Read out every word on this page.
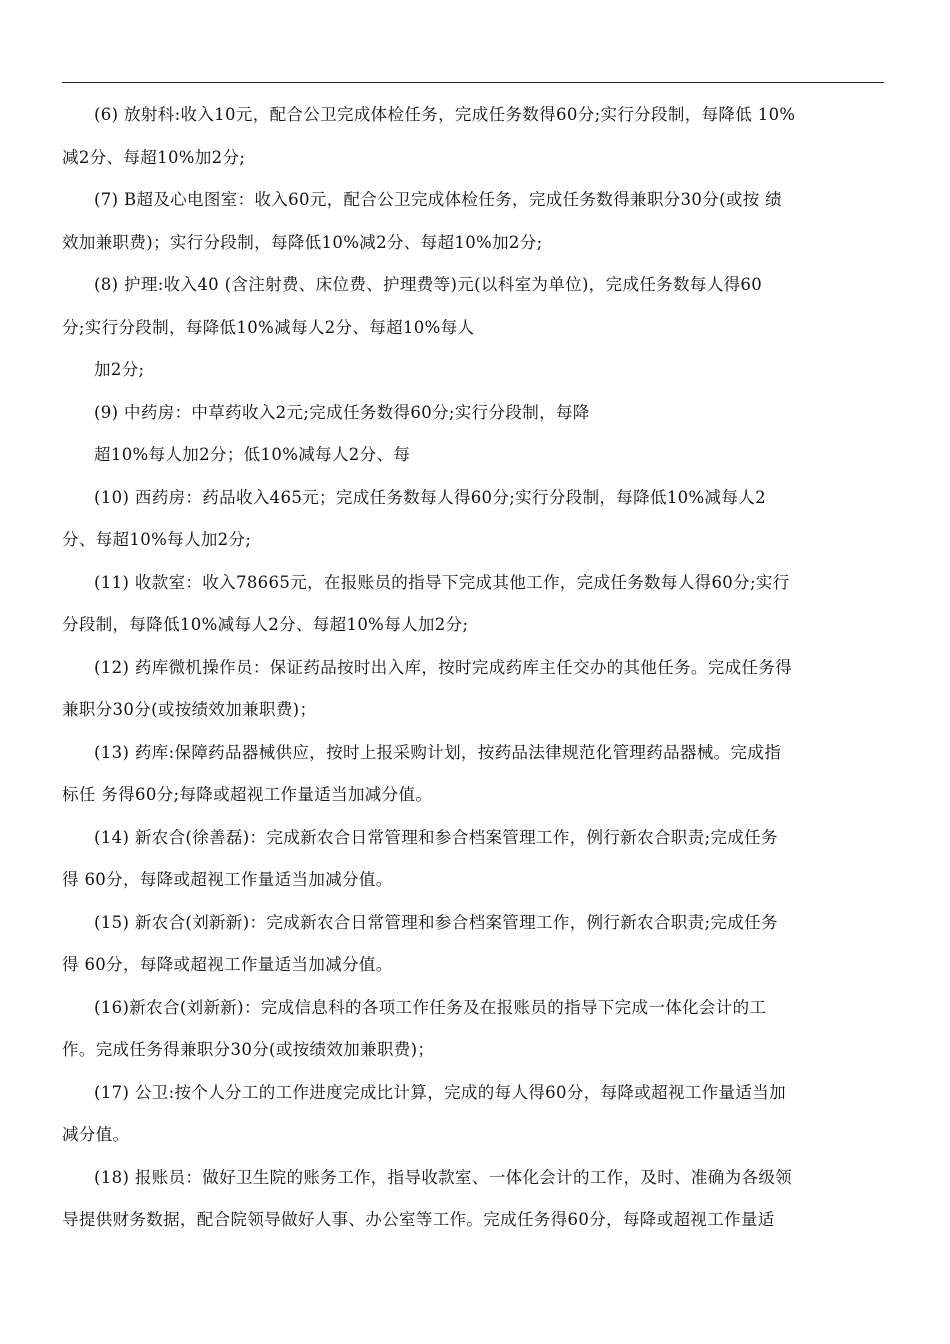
(6) 放射科:收入10元，配合公卫完成体检任务，完成任务数得60分;实行分段制，每降低 10%
减2分、每超10%加2分;
(7) B超及心电图室：收入60元，配合公卫完成体检任务，完成任务数得兼职分30分(或按 绩
效加兼职费)；实行分段制，每降低10%减2分、每超10%加2分;
(8) 护理:收入40 (含注射费、床位费、护理费等)元(以科室为单位)，完成任务数每人得60
分;实行分段制，每降低10%减每人2分、每超10%每人
加2分;
(9) 中药房：中草药收入2元;完成任务数得60分;实行分段制，每降
超10%每人加2分；低10%减每人2分、每
(10) 西药房：药品收入465元；完成任务数每人得60分;实行分段制，每降低10%减每人2
分、每超10%每人加2分;
(11) 收款室：收入78665元，在报账员的指导下完成其他工作，完成任务数每人得60分;实行
分段制，每降低10%减每人2分、每超10%每人加2分;
(12) 药库微机操作员：保证药品按时出入库，按时完成药库主任交办的其他任务。完成任务得
兼职分30分(或按绩效加兼职费)；
(13) 药库:保障药品器械供应，按时上报采购计划，按药品法律规范化管理药品器械。完成指
标任 务得60分;每降或超视工作量适当加减分值。
(14) 新农合(徐善磊)：完成新农合日常管理和参合档案管理工作，例行新农合职责;完成任务
得 60分，每降或超视工作量适当加减分值。
(15) 新农合(刘新新)：完成新农合日常管理和参合档案管理工作，例行新农合职责;完成任务
得 60分，每降或超视工作量适当加减分值。
(16)新农合(刘新新)：完成信息科的各项工作任务及在报账员的指导下完成一体化会计的工
作。完成任务得兼职分30分(或按绩效加兼职费)；
(17) 公卫:按个人分工的工作进度完成比计算，完成的每人得60分，每降或超视工作量适当加
减分值。
(18) 报账员：做好卫生院的账务工作，指导收款室、一体化会计的工作，及时、准确为各级领
导提供财务数据，配合院领导做好人事、办公室等工作。完成任务得60分，每降或超视工作量适
